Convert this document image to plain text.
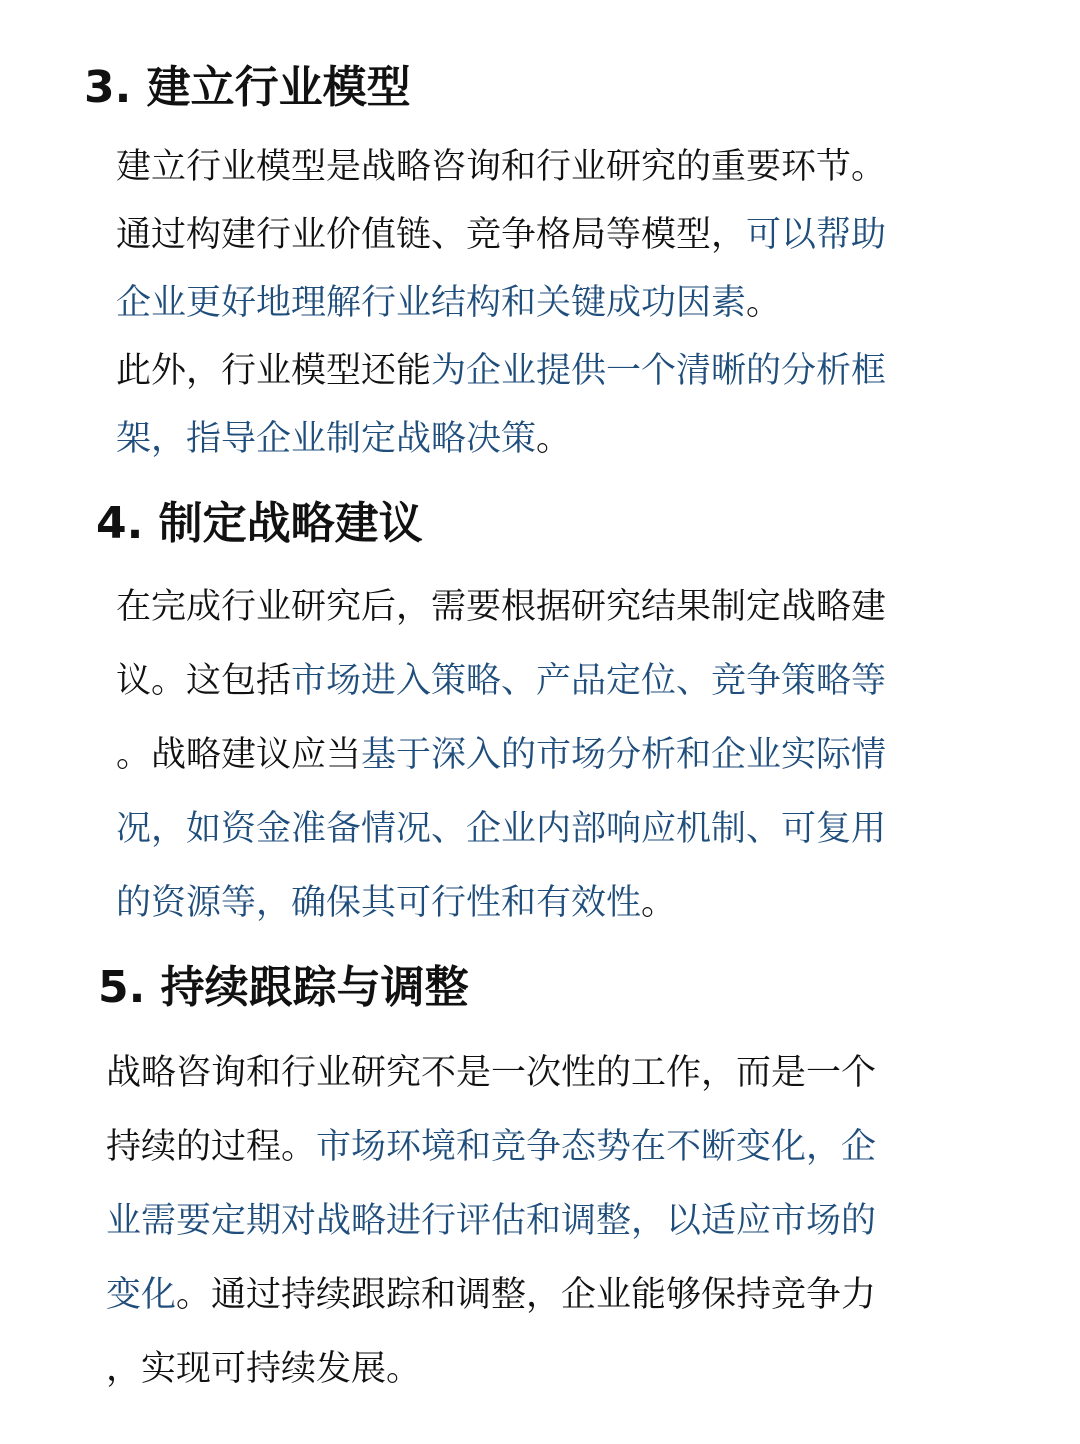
3. 建立行业模型
建立行业模型是战略咨询和行业研究的重要环节。
通过构建行业价值链、竞争格局等模型，可以帮助
企业更好地理解行业结构和关键成功因素。
此外，行业模型还能为企业提供一个清晰的分析框
架，指导企业制定战略决策。
4. 制定战略建议
在完成行业研究后，需要根据研究结果制定战略建
议。这包括市场进入策略、产品定位、竞争策略等
。战略建议应当基于深入的市场分析和企业实际情
况，如资金准备情况、企业内部响应机制、可复用
的资源等，确保其可行性和有效性。
5. 持续跟踪与调整
战略咨询和行业研究不是一次性的工作，而是一个
持续的过程。市场环境和竞争态势在不断变化，企
业需要定期对战略进行评估和调整，以适应市场的
变化。通过持续跟踪和调整，企业能够保持竞争力
，实现可持续发展。
